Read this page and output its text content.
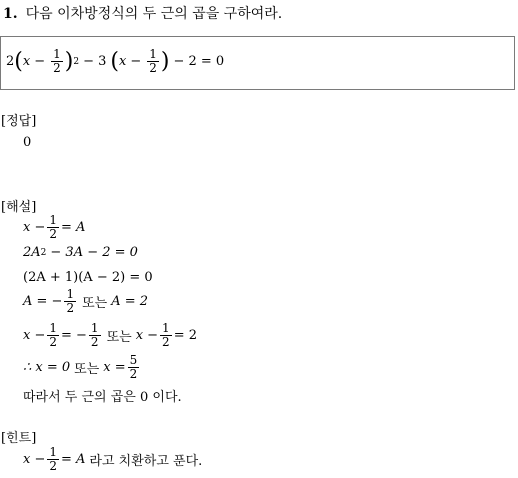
1. 다음 이차방정식의 두 근의 곱을 구하여라.
2 ( $x - \frac{1}{2}$ ) 2 − 3 ( $x - \frac{1}{2}$ ) − 2 = 0
[정답]
0
[해설]
$x - \frac{1}{2} = A$
2A 2 − 3A − 2 = 0
(2A + 1)(A − 2) = 0
A = − $\frac{1}{2}$ 또는 A = 2
$x - \frac{1}{2}$ = − $\frac{1}{2}$ 또는 $x - \frac{1}{2} = 2$
∴ x = 0 또는 $x = \frac{5}{2}$
따라서 두 근의 곱은 0 이다.
[힌트]
$x - \frac{1}{2} = A$ 라고 치환하고 푼다.
